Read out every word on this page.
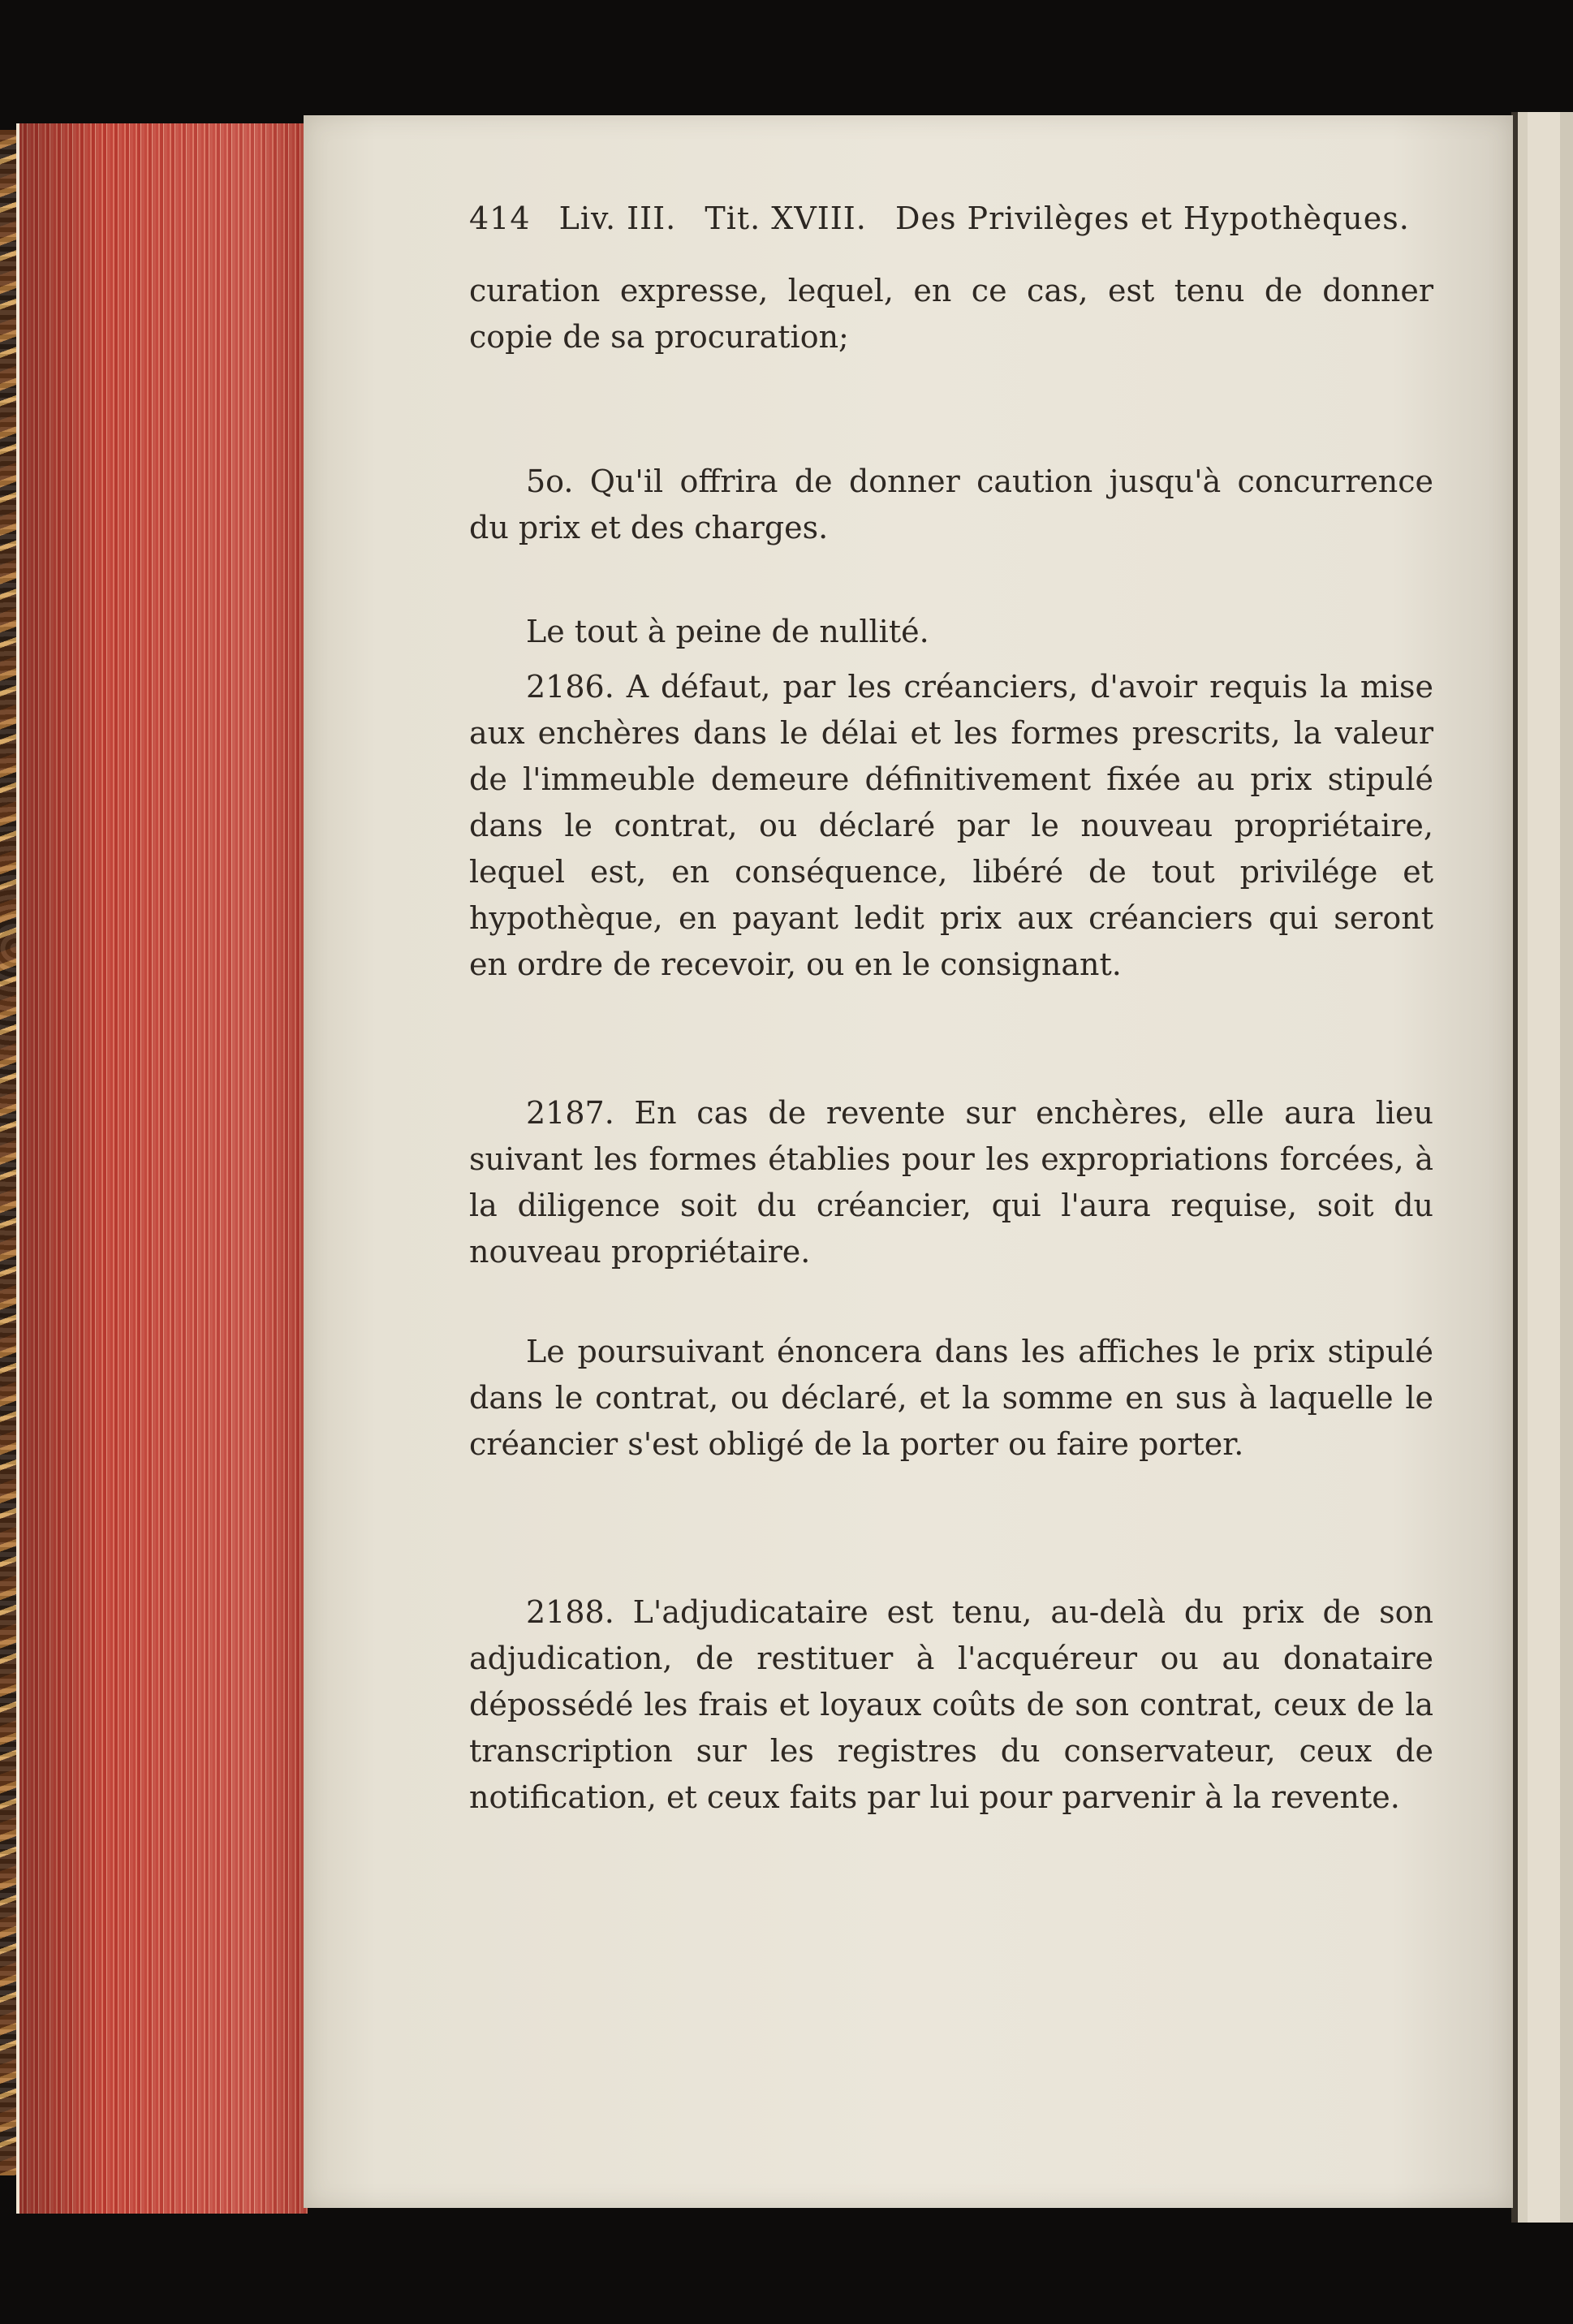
414 Liv. III. Tit. XVIII. Des Privilèges et Hypothèques.
curation expresse, lequel, en ce cas, est tenu de donner copie de sa procuration;
5o. Qu'il offrira de donner caution jusqu'à concurrence du prix et des charges.
Le tout à peine de nullité.
2186. A défaut, par les créanciers, d'avoir requis la mise aux enchères dans le délai et les formes prescrits, la valeur de l'immeuble demeure définitivement fixée au prix stipulé dans le contrat, ou déclaré par le nouveau propriétaire, lequel est, en conséquence, libéré de tout privilége et hypothèque, en payant ledit prix aux créanciers qui seront en ordre de recevoir, ou en le consignant.
2187. En cas de revente sur enchères, elle aura lieu suivant les formes établies pour les expropriations forcées, à la diligence soit du créancier, qui l'aura requise, soit du nouveau propriétaire.
Le poursuivant énoncera dans les affiches le prix stipulé dans le contrat, ou déclaré, et la somme en sus à laquelle le créancier s'est obligé de la porter ou faire porter.
2188. L'adjudicataire est tenu, au-delà du prix de son adjudication, de restituer à l'acquéreur ou au donataire dépossédé les frais et loyaux coûts de son contrat, ceux de la transcription sur les registres du conservateur, ceux de notification, et ceux faits par lui pour parvenir à la revente.
